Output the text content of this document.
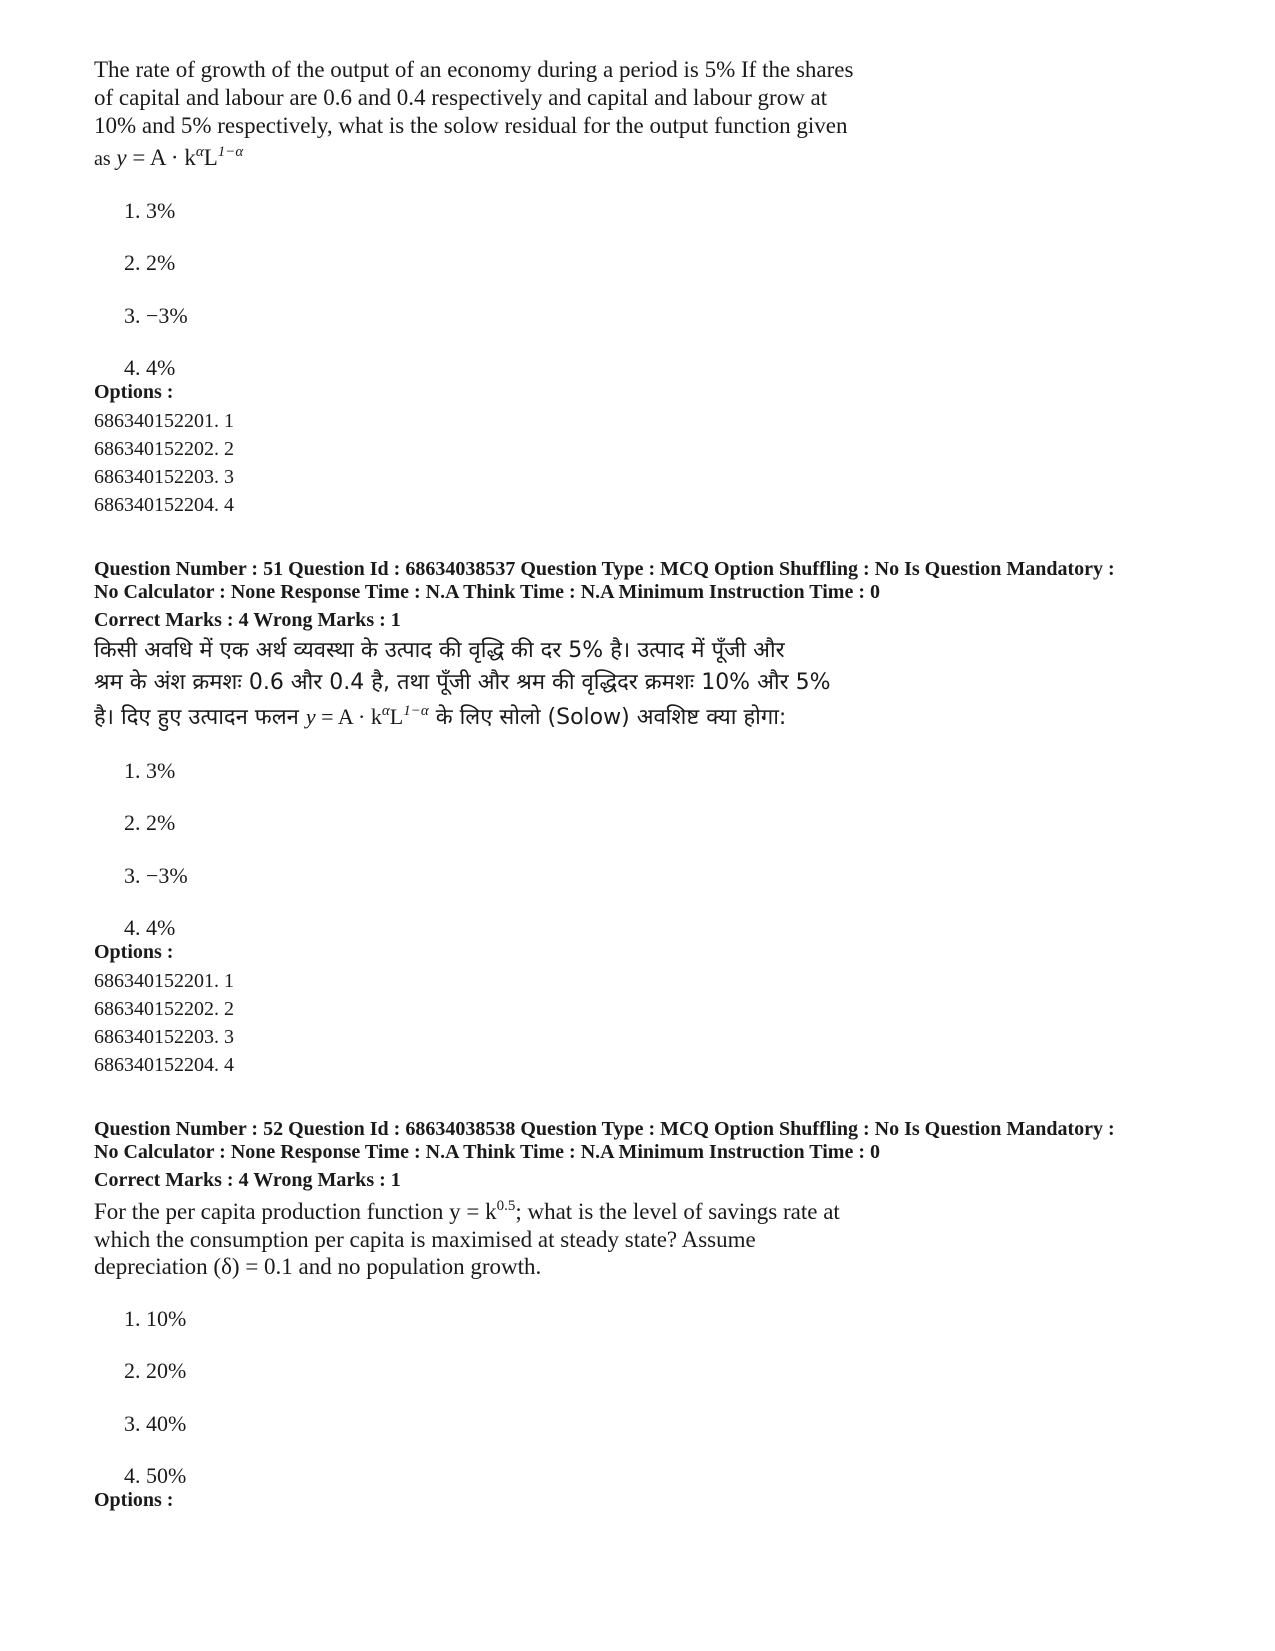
The rate of growth of the output of an economy during a period is 5% If the shares
of capital and labour are 0.6 and 0.4 respectively and capital and labour grow at
10% and 5% respectively, what is the solow residual for the output function given
as $y = A \cdot k^\alpha L^{1-\alpha}$
1. 3%
2. 2%
3. −3%
4. 4%
Options :
686340152201. 1
686340152202. 2
686340152203. 3
686340152204. 4
Question Number : 51 Question Id : 68634038537 Question Type : MCQ Option Shuffling : No Is Question Mandatory :
No Calculator : None Response Time : N.A Think Time : N.A Minimum Instruction Time : 0
Correct Marks : 4 Wrong Marks : 1
किसी अवधि में एक अर्थ व्यवस्था के उत्पाद की वृद्धि की दर 5% है। उत्पाद में पूँजी और
श्रम के अंश क्रमशः 0.6 और 0.4 है, तथा पूँजी और श्रम की वृद्धिदर क्रमशः 10% और 5%
है। दिए हुए उत्पादन फलन $y = A \cdot k^\alpha L^{1-\alpha}$ के लिए सोलो (Solow) अवशिष्ट क्या होगा:
1. 3%
2. 2%
3. −3%
4. 4%
Options :
686340152201. 1
686340152202. 2
686340152203. 3
686340152204. 4
Question Number : 52 Question Id : 68634038538 Question Type : MCQ Option Shuffling : No Is Question Mandatory :
No Calculator : None Response Time : N.A Think Time : N.A Minimum Instruction Time : 0
Correct Marks : 4 Wrong Marks : 1
For the per capita production function $y = k^{0.5}$; what is the level of savings rate at
which the consumption per capita is maximised at steady state? Assume
depreciation (δ) = 0.1 and no population growth.
1. 10%
2. 20%
3. 40%
4. 50%
Options :
